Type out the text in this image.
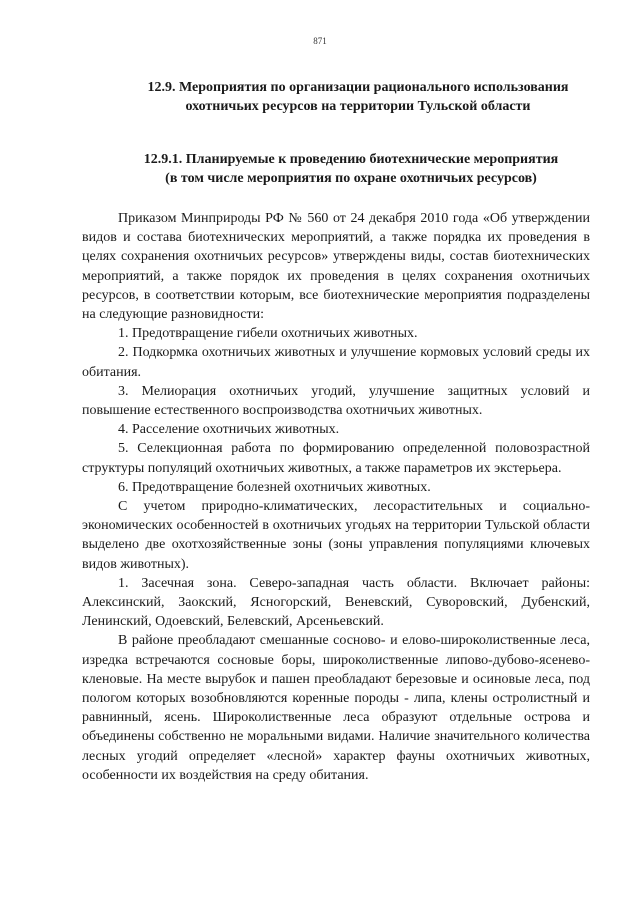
871
12.9. Мероприятия по организации рационального использования
охотничьих ресурсов на территории Тульской области
12.9.1. Планируемые к проведению биотехнические мероприятия
(в том числе мероприятия по охране охотничьих ресурсов)

Приказом Минприроды РФ № 560 от 24 декабря 2010 года «Об утверждении видов и состава биотехнических мероприятий, а также порядка их проведения в целях сохранения охотничьих ресурсов» утверждены виды, состав биотехнических мероприятий, а также порядок их проведения в целях сохранения охотничьих ресурсов, в соответствии которым, все биотехнические мероприятия подразделены на следующие разновидности:

1. Предотвращение гибели охотничьих животных.

2. Подкормка охотничьих животных и улучшение кормовых условий среды их обитания.

3. Мелиорация охотничьих угодий, улучшение защитных условий и повышение естественного воспроизводства охотничьих животных.

4. Расселение охотничьих животных.

5. Селекционная работа по формированию определенной половозрастной структуры популяций охотничьих животных, а также параметров их экстерьера.

6. Предотвращение болезней охотничьих животных.

С учетом природно-климатических, лесорастительных и социально-экономических особенностей в охотничьих угодьях на территории Тульской области выделено две охотхозяйственные зоны (зоны управления популяциями ключевых видов животных).

1. Засечная зона. Северо-западная часть области. Включает районы: Алексинский, Заокский, Ясногорский, Веневский, Суворовский, Дубенский, Ленинский, Одоевский, Белевский, Арсеньевский.

В районе преобладают смешанные сосново- и елово-широколиственные леса, изредка встречаются сосновые боры, широколиственные липово-дубово-ясенево-кленовые. На месте вырубок и пашен преобладают березовые и осиновые леса, под пологом которых возобновляются коренные породы - липа, клены остролистный и равнинный, ясень. Широколиственные леса образуют отдельные острова и объединены собственно не моральными видами. Наличие значительного количества лесных угодий определяет «лесной» характер фауны охотничьих животных, особенности их воздействия на среду обитания.
